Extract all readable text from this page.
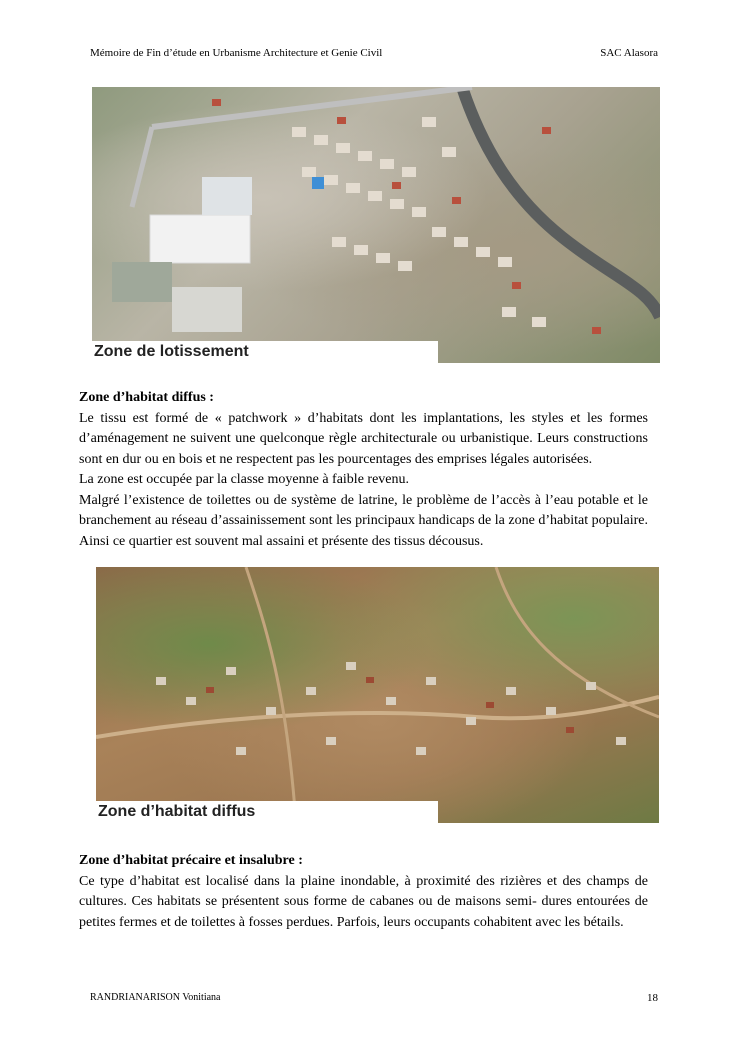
Mémoire de Fin d’étude en Urbanisme Architecture et Genie Civil	SAC Alasora
Zone de lotissement

Zone d’habitat diffus :

Le tissu est formé de « patchwork » d’habitats dont les implantations, les styles et les formes d’aménagement ne suivent une quelconque règle architecturale ou urbanistique. Leurs constructions sont en dur ou en bois et ne respectent pas les pourcentages des emprises légales autorisées.

La zone est occupée par la classe moyenne à faible revenu.

Malgré l’existence de toilettes ou de système de latrine, le problème de l’accès à l’eau potable et le branchement au réseau d’assainissement sont les principaux handicaps de la zone d’habitat populaire. Ainsi ce quartier est souvent mal assaini et présente des tissus décousus.

Zone d’habitat diffus

Zone d’habitat précaire et insalubre :

Ce type d’habitat est localisé dans la plaine inondable, à proximité des rizières et des champs de cultures. Ces habitats se présentent sous forme de cabanes ou de maisons semi- dures entourées de petites fermes et de toilettes à fosses perdues. Parfois, leurs occupants cohabitent avec les bétails.

RANDRIANARISON Vonitiana	18
